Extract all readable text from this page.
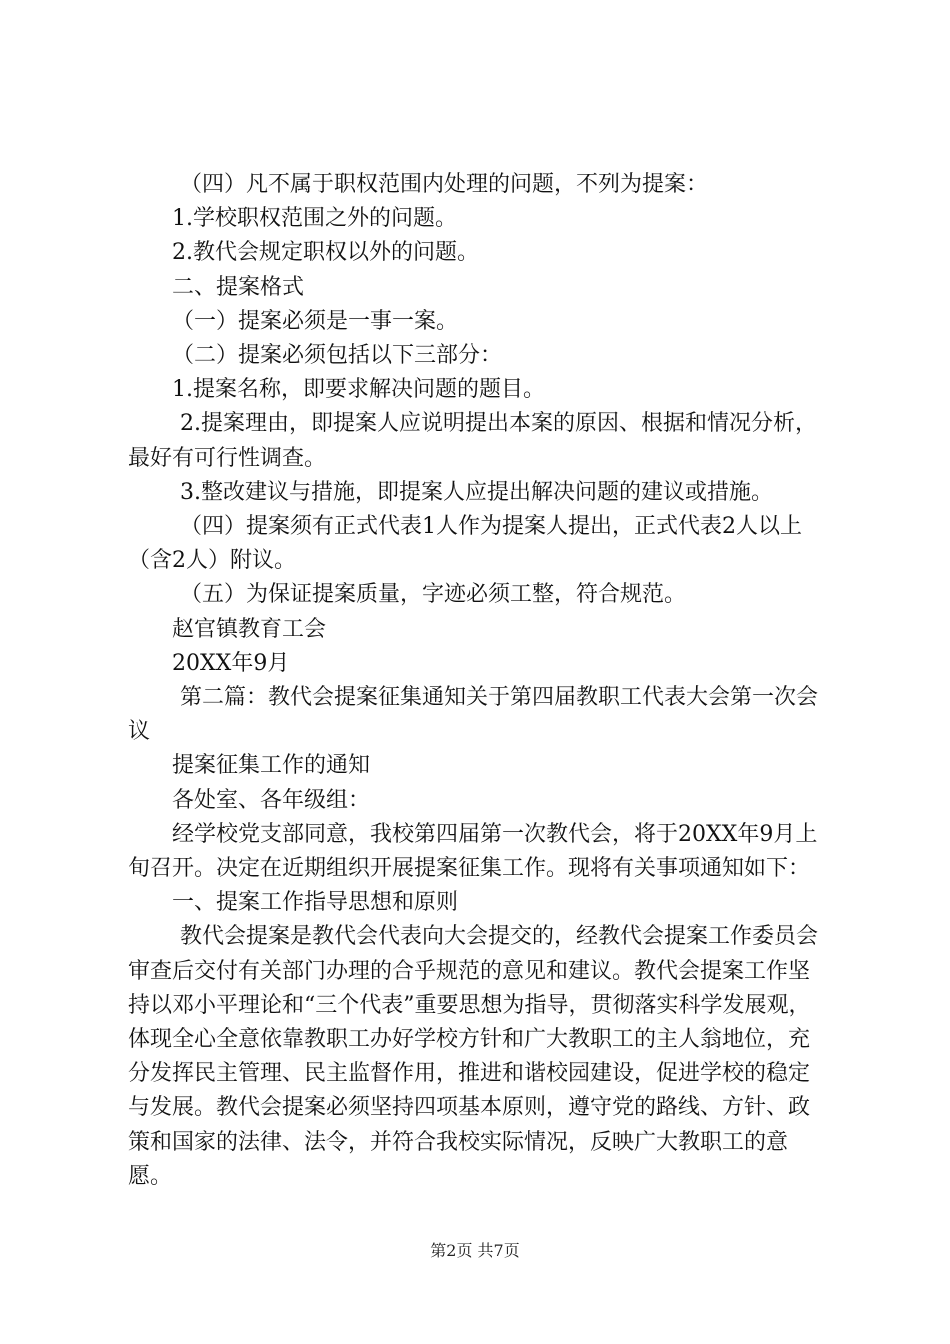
（四）凡不属于职权范围内处理的问题，不列为提案：

1.学校职权范围之外的问题。

2.教代会规定职权以外的问题。

二、提案格式

（一）提案必须是一事一案。

（二）提案必须包括以下三部分：

1.提案名称，即要求解决问题的题目。

2.提案理由，即提案人应说明提出本案的原因、根据和情况分析，最好有可行性调查。

3.整改建议与措施，即提案人应提出解决问题的建议或措施。

（四）提案须有正式代表1人作为提案人提出，正式代表2人以上（含2人）附议。

（五）为保证提案质量，字迹必须工整，符合规范。

赵官镇教育工会

20XX年9月

第二篇：教代会提案征集通知关于第四届教职工代表大会第一次会议

提案征集工作的通知

各处室、各年级组：

经学校党支部同意，我校第四届第一次教代会，将于20XX年9月上旬召开。决定在近期组织开展提案征集工作。现将有关事项通知如下：

一、提案工作指导思想和原则

教代会提案是教代会代表向大会提交的，经教代会提案工作委员会审查后交付有关部门办理的合乎规范的意见和建议。教代会提案工作坚持以邓小平理论和“三个代表”重要思想为指导，贯彻落实科学发展观，体现全心全意依靠教职工办好学校方针和广大教职工的主人翁地位，充分发挥民主管理、民主监督作用，推进和谐校园建设，促进学校的稳定与发展。教代会提案必须坚持四项基本原则，遵守党的路线、方针、政策和国家的法律、法令，并符合我校实际情况，反映广大教职工的意愿。

第2页 共7页
